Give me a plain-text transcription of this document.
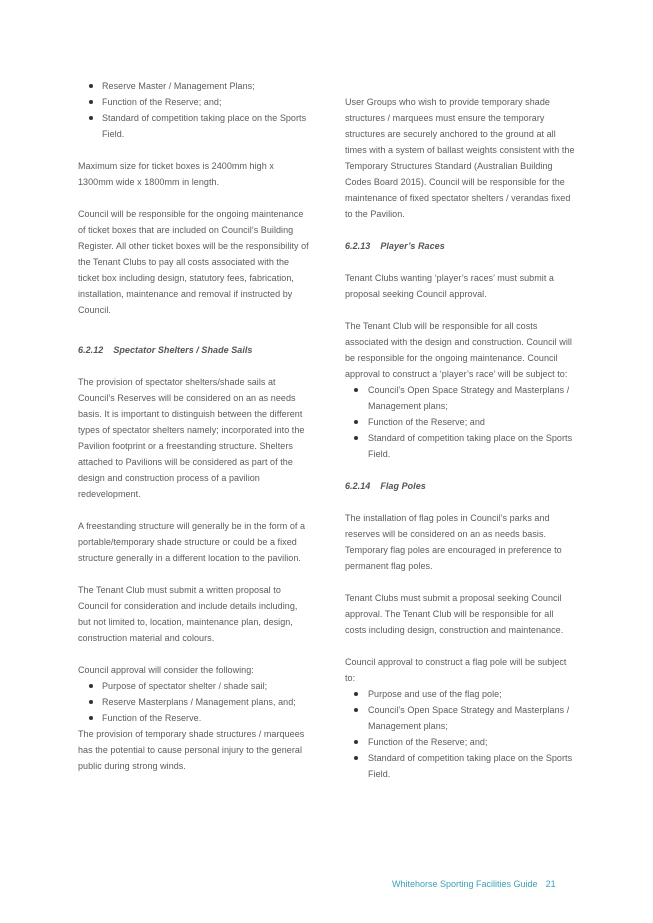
Reserve Master / Management Plans;
Function of the Reserve; and;
Standard of competition taking place on the Sports Field.

Maximum size for ticket boxes is 2400mm high x 1300mm wide x 1800mm in length.

Council will be responsible for the ongoing maintenance of ticket boxes that are included on Council’s Building Register. All other ticket boxes will be the responsibility of the Tenant Clubs to pay all costs associated with the ticket box including design, statutory fees, fabrication, installation, maintenance and removal if instructed by Council.

6.2.12 Spectator Shelters / Shade Sails

The provision of spectator shelters/shade sails at Council’s Reserves will be considered on an as needs basis. It is important to distinguish between the different types of spectator shelters namely; incorporated into the Pavilion footprint or a freestanding structure. Shelters attached to Pavilions will be considered as part of the design and construction process of a pavilion redevelopment.

A freestanding structure will generally be in the form of a portable/temporary shade structure or could be a fixed structure generally in a different location to the pavilion.

The Tenant Club must submit a written proposal to Council for consideration and include details including, but not limited to, location, maintenance plan, design, construction material and colours.

Council approval will consider the following:

Purpose of spectator shelter / shade sail;
Reserve Masterplans / Management plans, and;
Function of the Reserve.

The provision of temporary shade structures / marquees has the potential to cause personal injury to the general public during strong winds.

User Groups who wish to provide temporary shade structures / marquees must ensure the temporary structures are securely anchored to the ground at all times with a system of ballast weights consistent with the Temporary Structures Standard (Australian Building Codes Board 2015). Council will be responsible for the maintenance of fixed spectator shelters / verandas fixed to the Pavilion.

6.2.13 Player’s Races

Tenant Clubs wanting ‘player’s races’ must submit a proposal seeking Council approval.

The Tenant Club will be responsible for all costs associated with the design and construction. Council will be responsible for the ongoing maintenance. Council approval to construct a ‘player’s race’ will be subject to:

Council’s Open Space Strategy and Masterplans / Management plans;
Function of the Reserve; and
Standard of competition taking place on the Sports Field.
6.2.14 Flag Poles

The installation of flag poles in Council’s parks and reserves will be considered on an as needs basis. Temporary flag poles are encouraged in preference to permanent flag poles.

Tenant Clubs must submit a proposal seeking Council approval. The Tenant Club will be responsible for all costs including design, construction and maintenance.

Council approval to construct a flag pole will be subject to:

Purpose and use of the flag pole;
Council’s Open Space Strategy and Masterplans / Management plans;
Function of the Reserve; and;
Standard of competition taking place on the Sports Field.
Whitehorse Sporting Facilities Guide 21
